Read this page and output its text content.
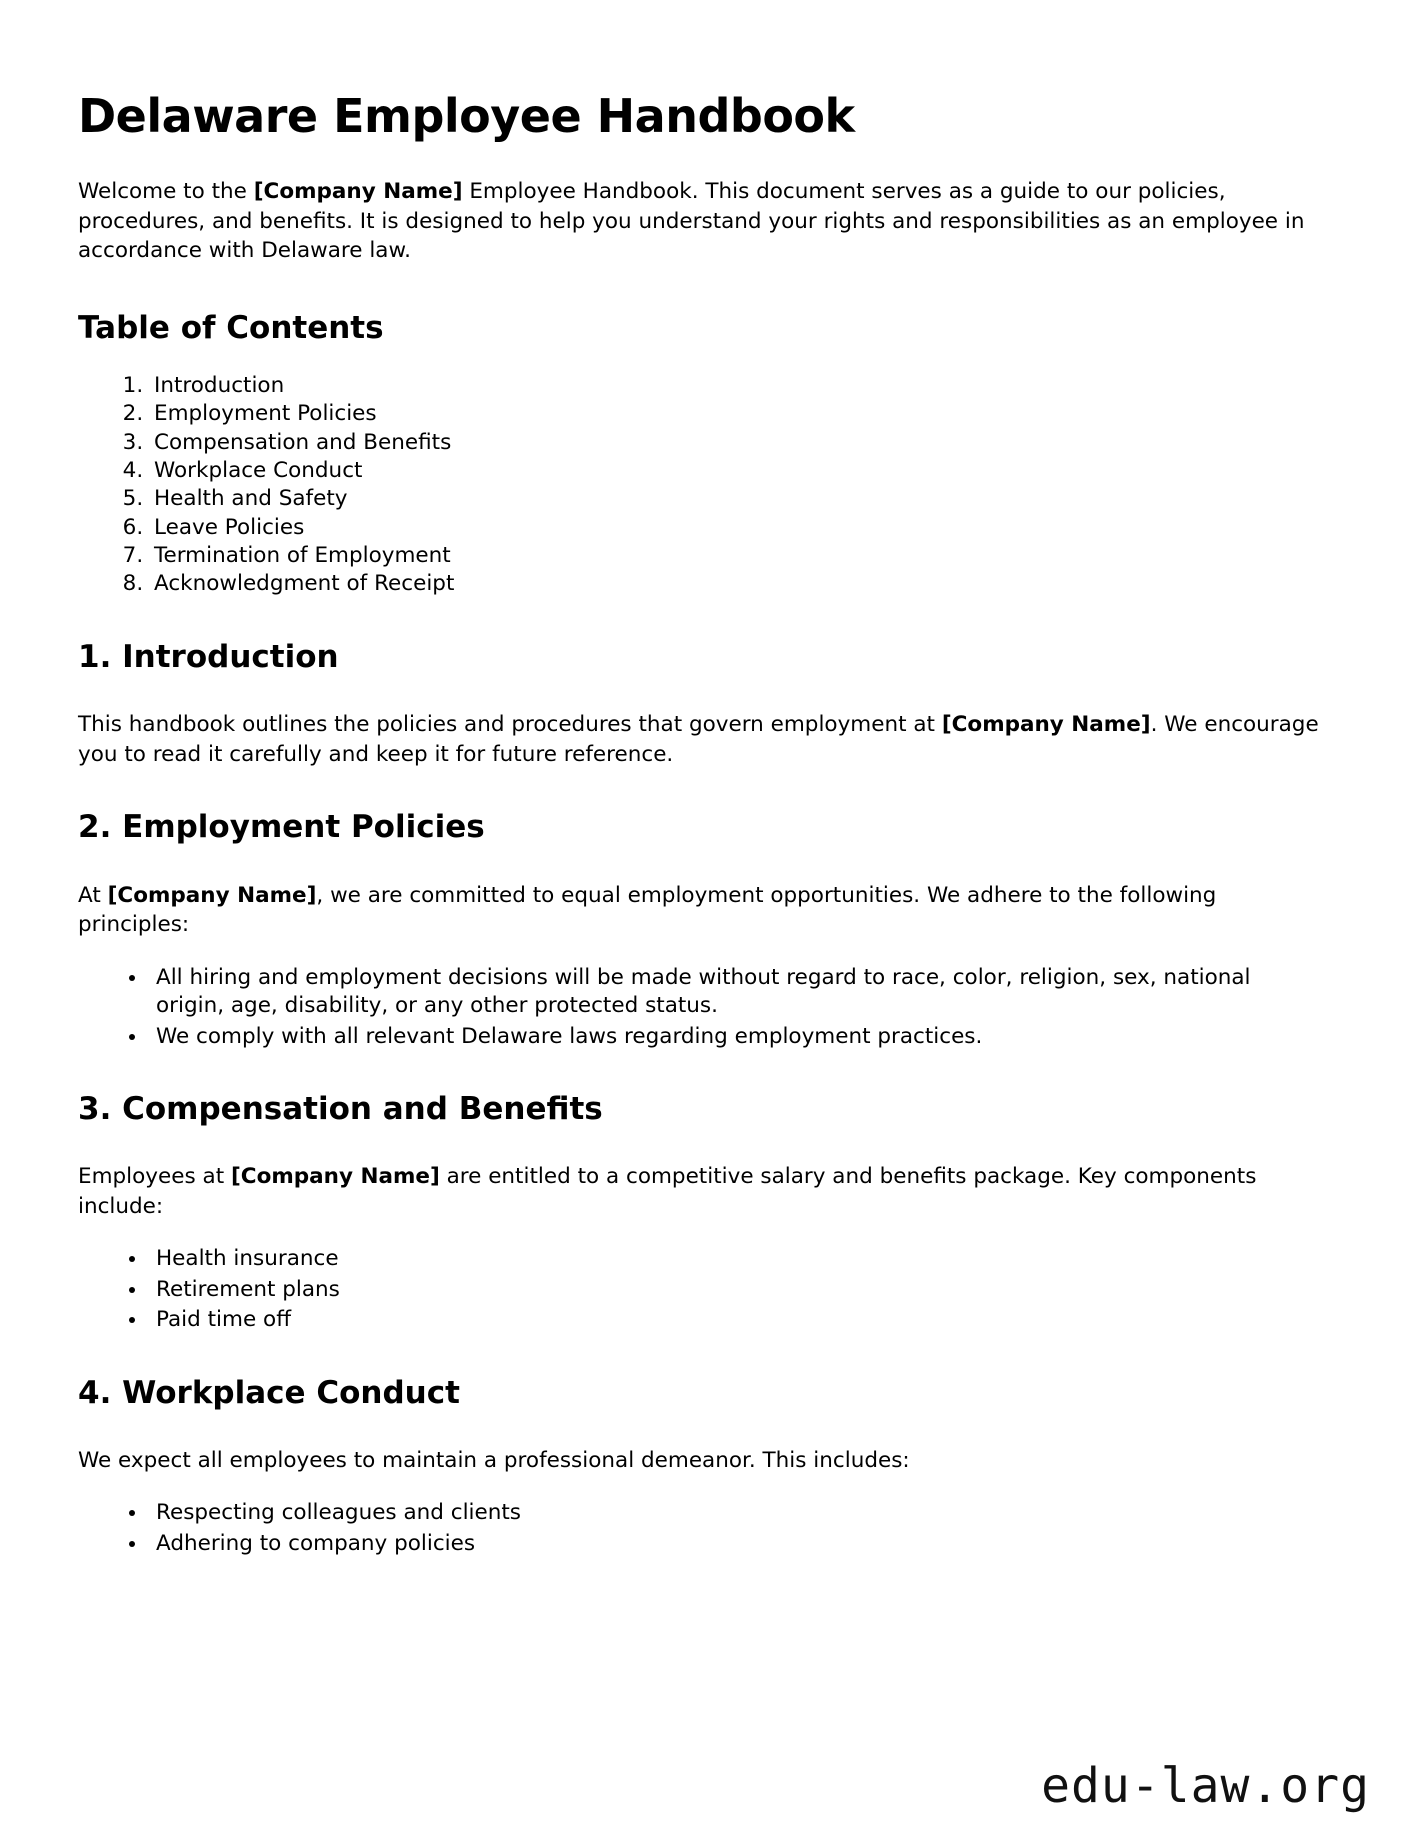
Delaware Employee Handbook

Welcome to the [Company Name] Employee Handbook. This document serves as a guide to our policies, procedures, and benefits. It is designed to help you understand your rights and responsibilities as an employee in accordance with Delaware law.

Table of Contents
1. Introduction
2. Employment Policies
3. Compensation and Benefits
4. Workplace Conduct
5. Health and Safety
6. Leave Policies
7. Termination of Employment
8. Acknowledgment of Receipt
1. Introduction

This handbook outlines the policies and procedures that govern employment at [Company Name]. We encourage you to read it carefully and keep it for future reference.

2. Employment Policies

At [Company Name], we are committed to equal employment opportunities. We adhere to the following principles:

• All hiring and employment decisions will be made without regard to race, color, religion, sex, national origin, age, disability, or any other protected status.
• We comply with all relevant Delaware laws regarding employment practices.
3. Compensation and Benefits

Employees at [Company Name] are entitled to a competitive salary and benefits package. Key components include:

• Health insurance
• Retirement plans
• Paid time off
4. Workplace Conduct

We expect all employees to maintain a professional demeanor. This includes:

• Respecting colleagues and clients
• Adhering to company policies
edu-law.org
